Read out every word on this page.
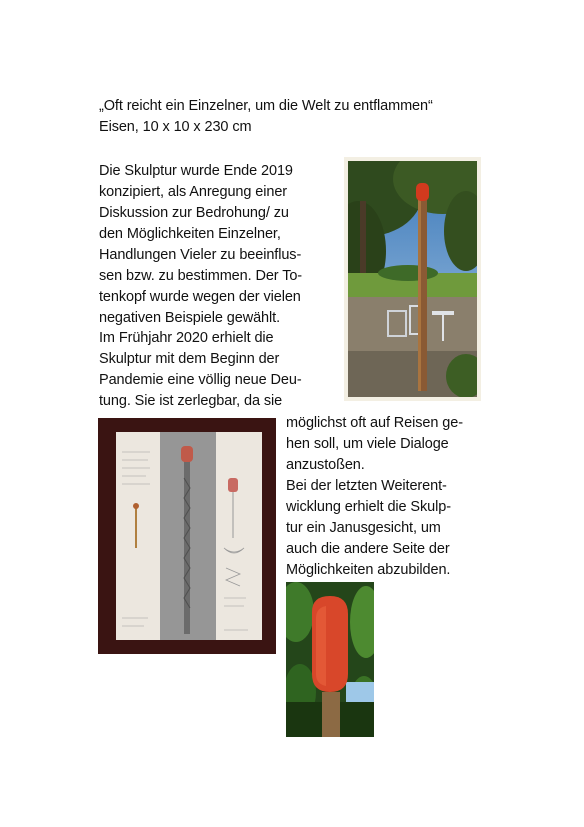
„Oft reicht ein Einzelner, um die Welt zu entflammen“
Eisen, 10 x 10 x 230 cm
Die Skulptur wurde Ende 2019
konzipiert, als Anregung einer
Diskussion zur Bedrohung/ zu
den Möglichkeiten Einzelner,
Handlungen Vieler zu beeinflus-
sen bzw. zu bestimmen. Der To-
tenkopf wurde wegen der vielen
negativen Beispiele gewählt.
Im Frühjahr 2020 erhielt die
Skulptur mit dem Beginn der
Pandemie eine völlig neue Deu-
tung. Sie ist zerlegbar, da sie
möglichst oft auf Reisen ge-
hen soll, um viele Dialoge
anzustoßen.
Bei der letzten Weiterent-
wicklung erhielt die Skulp-
tur ein Janusgesicht, um
auch die andere Seite der
Möglichkeiten abzubilden.
